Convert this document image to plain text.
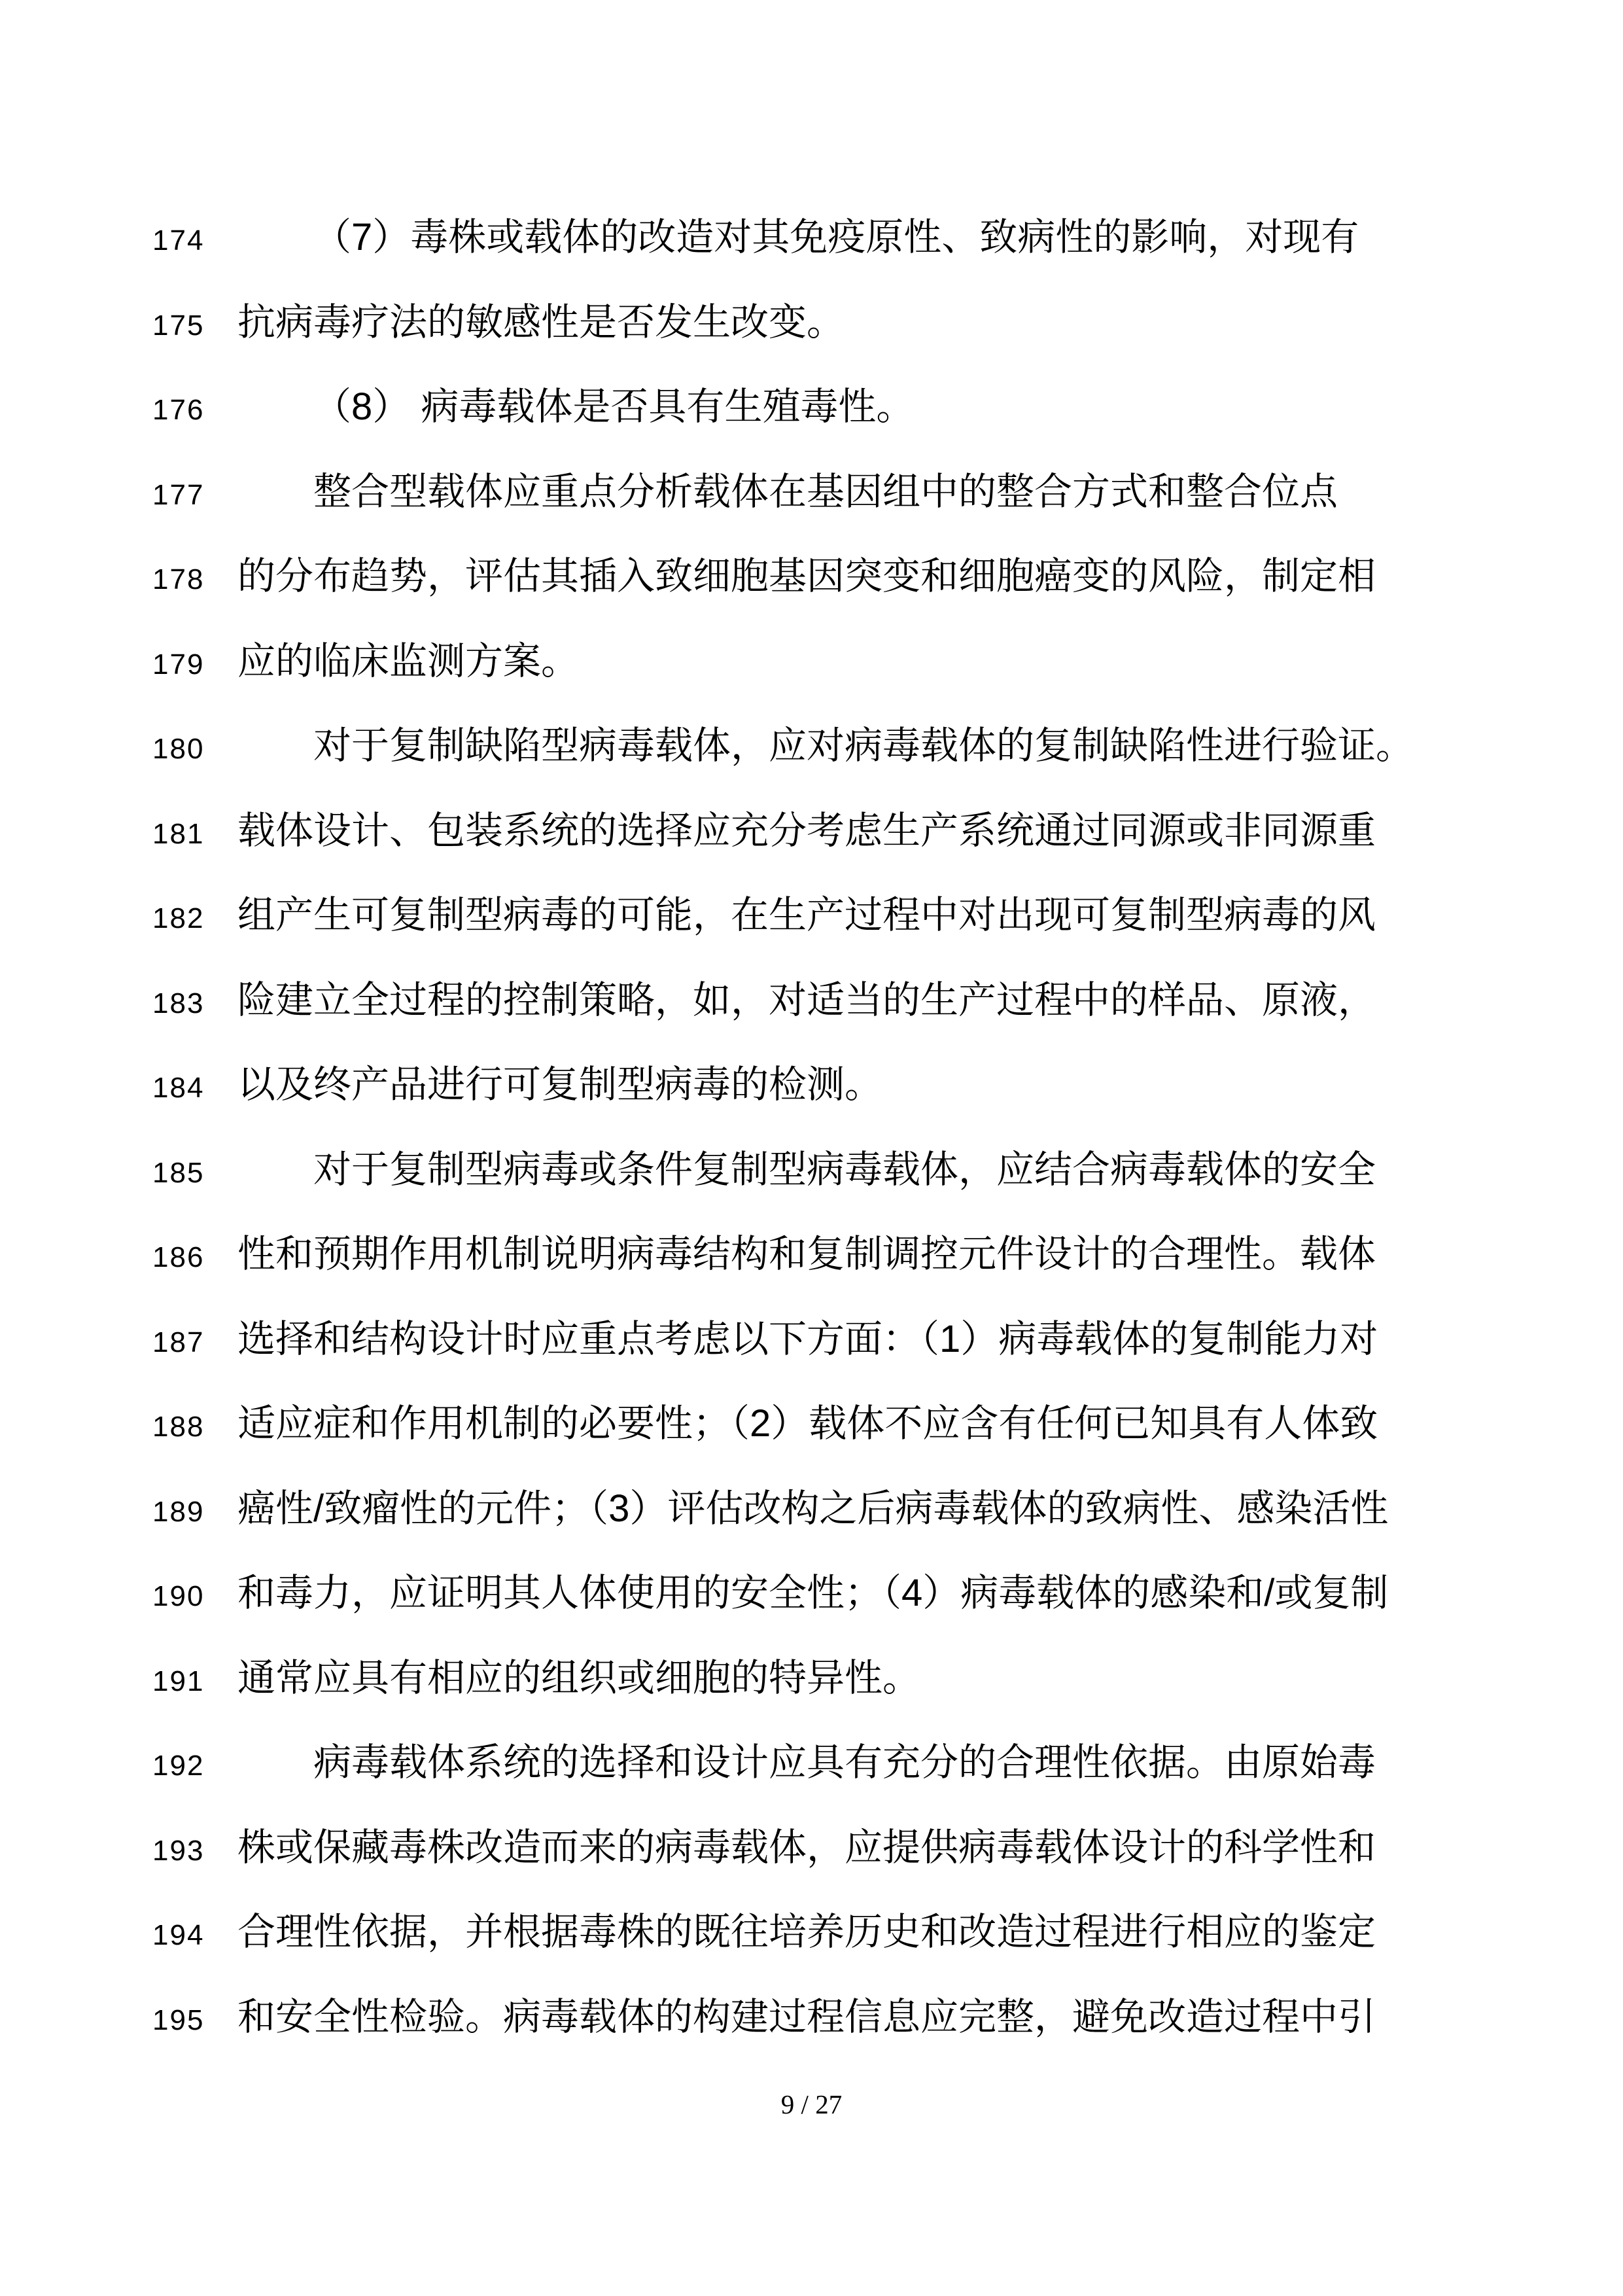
174	（7）毒株或载体的改造对其免疫原性、致病性的影响，对现有
175 抗病毒疗法的敏感性是否发生改变。
176	（8） 病毒载体是否具有生殖毒性。
177	整合型载体应重点分析载体在基因组中的整合方式和整合位点
178 的分布趋势，评估其插入致细胞基因突变和细胞癌变的风险，制定相
179 应的临床监测方案。
180	对于复制缺陷型病毒载体，应对病毒载体的复制缺陷性进行验证。
181 载体设计、包装系统的选择应充分考虑生产系统通过同源或非同源重
182 组产生可复制型病毒的可能，在生产过程中对出现可复制型病毒的风
183 险建立全过程的控制策略，如，对适当的生产过程中的样品、原液，
184 以及终产品进行可复制型病毒的检测。
185	对于复制型病毒或条件复制型病毒载体，应结合病毒载体的安全
186 性和预期作用机制说明病毒结构和复制调控元件设计的合理性。载体
187 选择和结构设计时应重点考虑以下方面：（1）病毒载体的复制能力对
188 适应症和作用机制的必要性；（2）载体不应含有任何已知具有人体致
189 癌性/致瘤性的元件；（3）评估改构之后病毒载体的致病性、感染活性
190 和毒力，应证明其人体使用的安全性；（4）病毒载体的感染和/或复制
191 通常应具有相应的组织或细胞的特异性。
192	病毒载体系统的选择和设计应具有充分的合理性依据。由原始毒
193 株或保藏毒株改造而来的病毒载体，应提供病毒载体设计的科学性和
194 合理性依据，并根据毒株的既往培养历史和改造过程进行相应的鉴定
195 和安全性检验。病毒载体的构建过程信息应完整，避免改造过程中引
9 / 27
